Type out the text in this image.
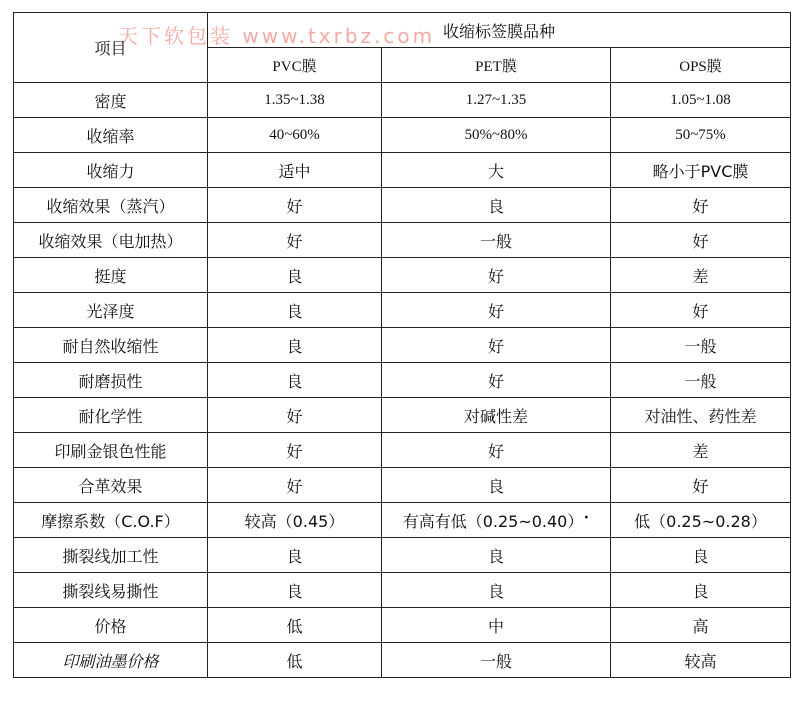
天下软包装 www.txrbz.com
项目	收缩标签膜品种		
	PVC膜	PET膜	OPS膜
密度	1.35~1.38	1.27~1.35	1.05~1.08
收缩率	40~60%	50%~80%	50~75%
收缩力	适中	大	略小于PVC膜
收缩效果（蒸汽）	好	良	好
收缩效果（电加热）	好	一般	好
挺度	良	好	差
光泽度	良	好	好
耐自然收缩性	良	好	一般
耐磨损性	良	好	一般
耐化学性	好	对碱性差	对油性、药性差
印刷金银色性能	好	好	差
合革效果	好	良	好
摩擦系数（C.O.F）	较高（0.45）	有高有低（0.25~0.40）•	低（0.25~0.28）
撕裂线加工性	良	良	良
撕裂线易撕性	良	良	良
价格	低	中	高
印刷油墨价格	低	一般	较高
